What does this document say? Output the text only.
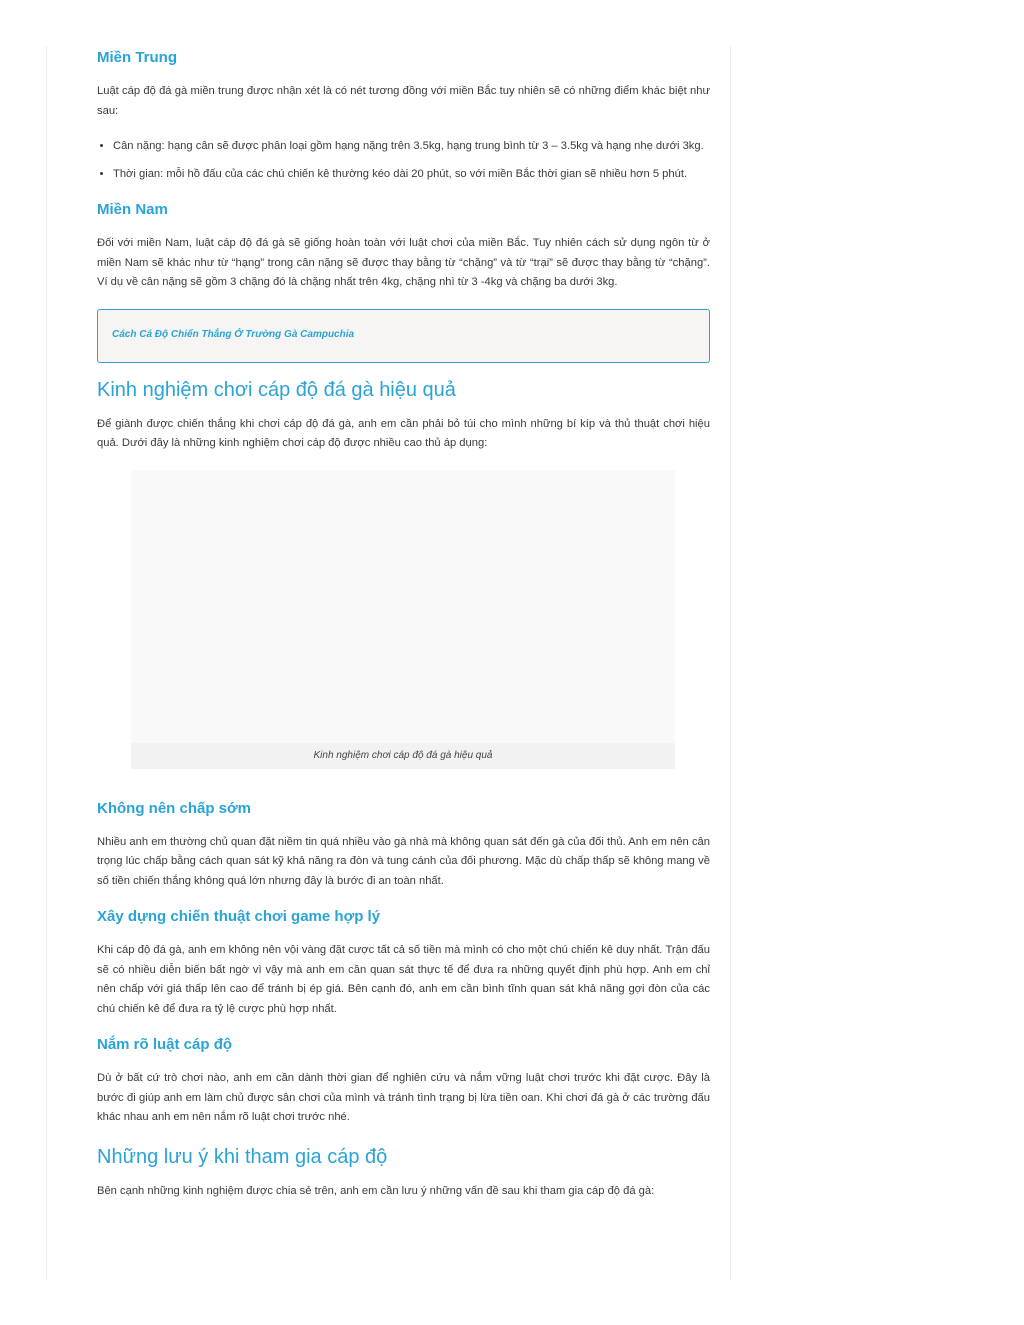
Miền Trung

Luật cáp độ đá gà miền trung được nhận xét là có nét tương đồng với miền Bắc tuy nhiên sẽ có những điểm khác biệt như sau:

• Cân nặng: hạng cân sẽ được phân loại gồm hạng nặng trên 3.5kg, hạng trung bình từ 3 – 3.5kg và hạng nhẹ dưới 3kg.
• Thời gian: mỗi hồ đấu của các chú chiến kê thường kéo dài 20 phút, so với miền Bắc thời gian sẽ nhiều hơn 5 phút.
Miền Nam

Đối với miền Nam, luật cáp độ đá gà sẽ giống hoàn toàn với luật chơi của miền Bắc. Tuy nhiên cách sử dụng ngôn từ ở miền Nam sẽ khác như từ “hạng” trong cân nặng sẽ được thay bằng từ “chặng” và từ “trại” sẽ được thay bằng từ “chặng”. Ví dụ về cân nặng sẽ gồm 3 chặng đó là chặng nhất trên 4kg, chặng nhì từ 3 -4kg và chặng ba dưới 3kg.

Cách Cá Độ Chiến Thắng Ở Trường Gà Campuchia
Kinh nghiệm chơi cáp độ đá gà hiệu quả

Để giành được chiến thắng khi chơi cáp độ đá gà, anh em cần phải bỏ túi cho mình những bí kíp và thủ thuật chơi hiệu quả. Dưới đây là những kinh nghiệm chơi cáp độ được nhiều cao thủ áp dụng:

Kinh nghiệm chơi cáp độ đá gà hiệu quả
Không nên chấp sớm

Nhiều anh em thường chủ quan đặt niềm tin quá nhiều vào gà nhà mà không quan sát đến gà của đối thủ. Anh em nên cân trọng lúc chấp bằng cách quan sát kỹ khả năng ra đòn và tung cánh của đối phương. Mặc dù chấp thấp sẽ không mang về số tiền chiến thắng không quá lớn nhưng đây là bước đi an toàn nhất.

Xây dựng chiến thuật chơi game hợp lý

Khi cáp độ đá gà, anh em không nên vội vàng đặt cược tất cả số tiền mà mình có cho một chú chiến kê duy nhất. Trận đấu sẽ có nhiều diễn biến bất ngờ vì vậy mà anh em cần quan sát thực tế để đưa ra những quyết định phù hợp. Anh em chỉ nên chấp với giá thấp lên cao để tránh bị ép giá. Bên cạnh đó, anh em cần bình tĩnh quan sát khả năng gợi đòn của các chú chiến kê để đưa ra tỷ lệ cược phù hợp nhất.

Nắm rõ luật cáp độ

Dù ở bất cứ trò chơi nào, anh em cần dành thời gian để nghiên cứu và nắm vững luật chơi trước khi đặt cược. Đây là bước đi giúp anh em làm chủ được sân chơi của mình và tránh tình trạng bị lừa tiền oan. Khi chơi đá gà ở các trường đấu khác nhau anh em nên nắm rõ luật chơi trước nhé.

Những lưu ý khi tham gia cáp độ

Bên cạnh những kinh nghiệm được chia sẻ trên, anh em cần lưu ý những vấn đề sau khi tham gia cáp độ đá gà:
